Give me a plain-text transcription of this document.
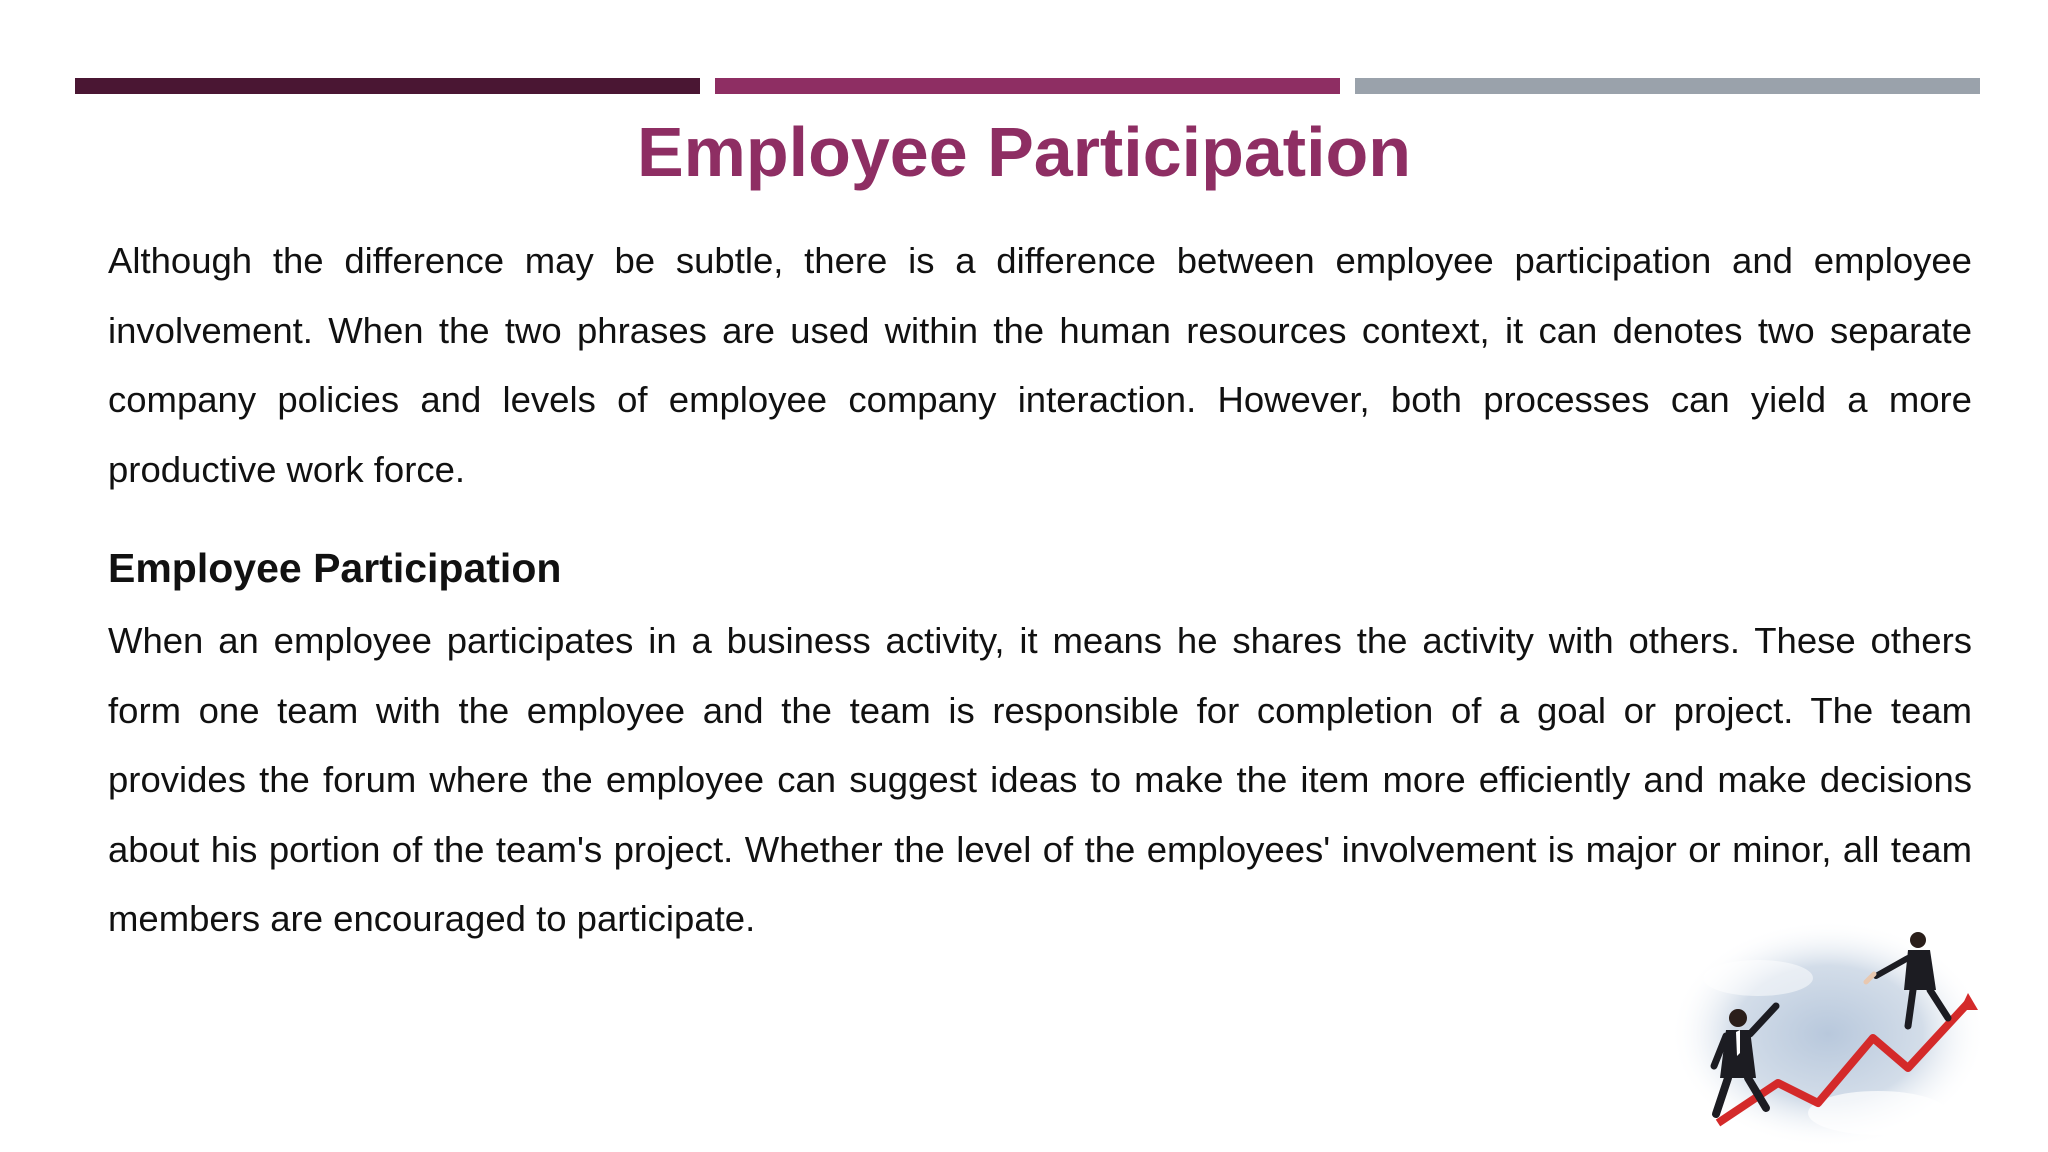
Employee Participation

Although the difference may be subtle, there is a difference between employee participation and employee involvement. When the two phrases are used within the human resources context, it can denotes two separate company policies and levels of employee company interaction. However, both processes can yield a more productive work force.

Employee Participation

When an employee participates in a business activity, it means he shares the activity with others. These others form one team with the employee and the team is responsible for completion of a goal or project. The team provides the forum where the employee can suggest ideas to make the item more efficiently and make decisions about his portion of the team's project. Whether the level of the employees' involvement is major or minor, all team members are encouraged to participate.
